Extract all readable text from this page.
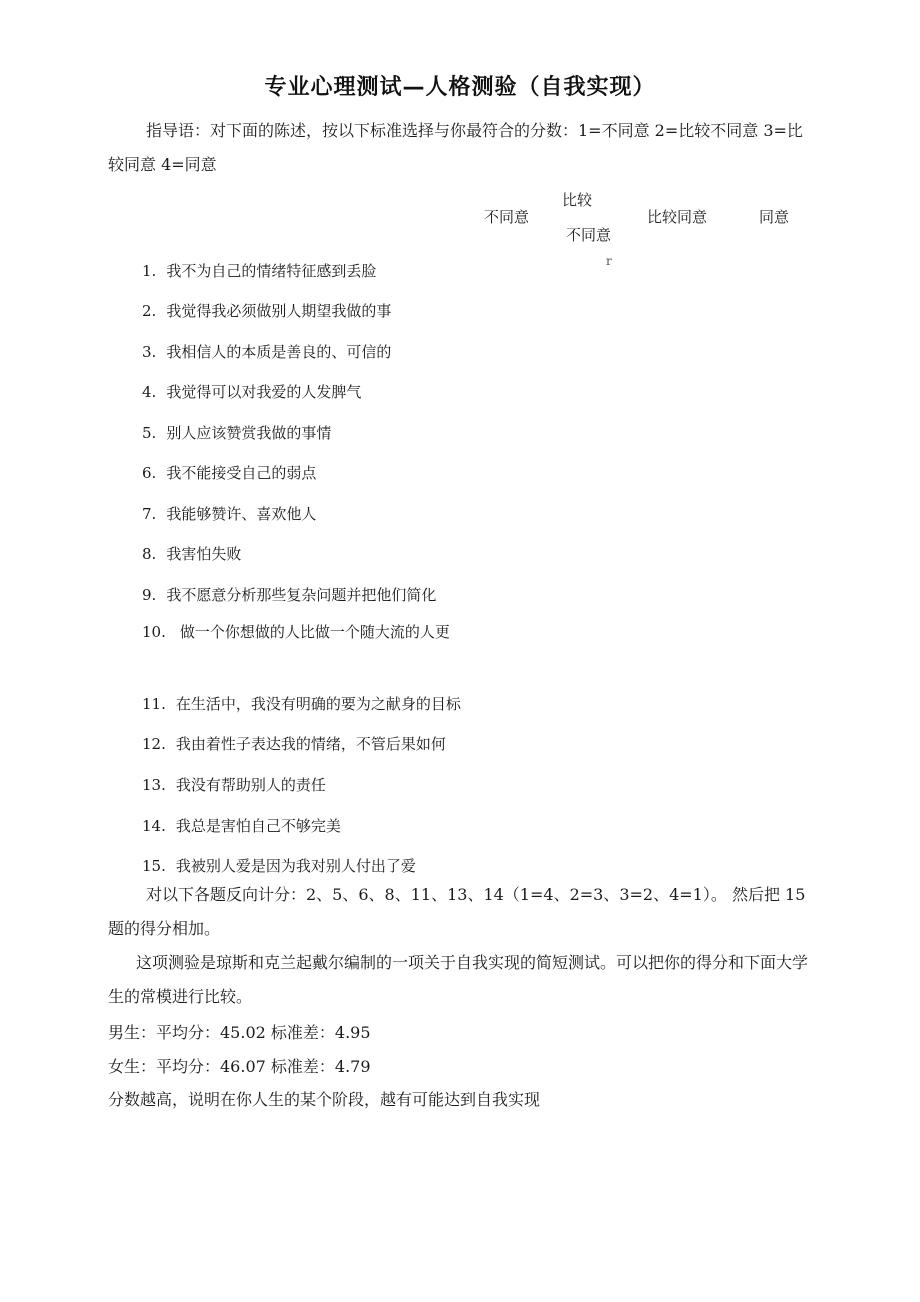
专业心理测试—人格测验（自我实现）
指导语：对下面的陈述，按以下标准选择与你最符合的分数：1=不同意 2=比较不同意 3=比较同意 4=同意
不同意
比较
不同意
比较同意	同意
r
1. 我不为自己的情绪特征感到丢脸
2. 我觉得我必须做别人期望我做的事
3. 我相信人的本质是善良的、可信的
4. 我觉得可以对我爱的人发脾气
5. 别人应该赞赏我做的事情
6. 我不能接受自己的弱点
7. 我能够赞许、喜欢他人
8. 我害怕失败
9. 我不愿意分析那些复杂问题并把他们简化
10. 做一个你想做的人比做一个随大流的人更
11. 在生活中，我没有明确的要为之献身的目标
12. 我由着性子表达我的情绪，不管后果如何
13. 我没有帮助别人的责任
14. 我总是害怕自己不够完美
15. 我被别人爱是因为我对别人付出了爱
对以下各题反向计分：2、5、6、8、11、13、14（1=4、2=3、3=2、4=1）。 然后把 15 题的得分相加。
这项测验是琼斯和克兰起戴尔编制的一项关于自我实现的简短测试。可以把你的得分和下面大学生的常模进行比较。
男生：平均分：45.02 标准差：4.95
女生：平均分：46.07 标准差：4.79
分数越高，说明在你人生的某个阶段，越有可能达到自我实现
